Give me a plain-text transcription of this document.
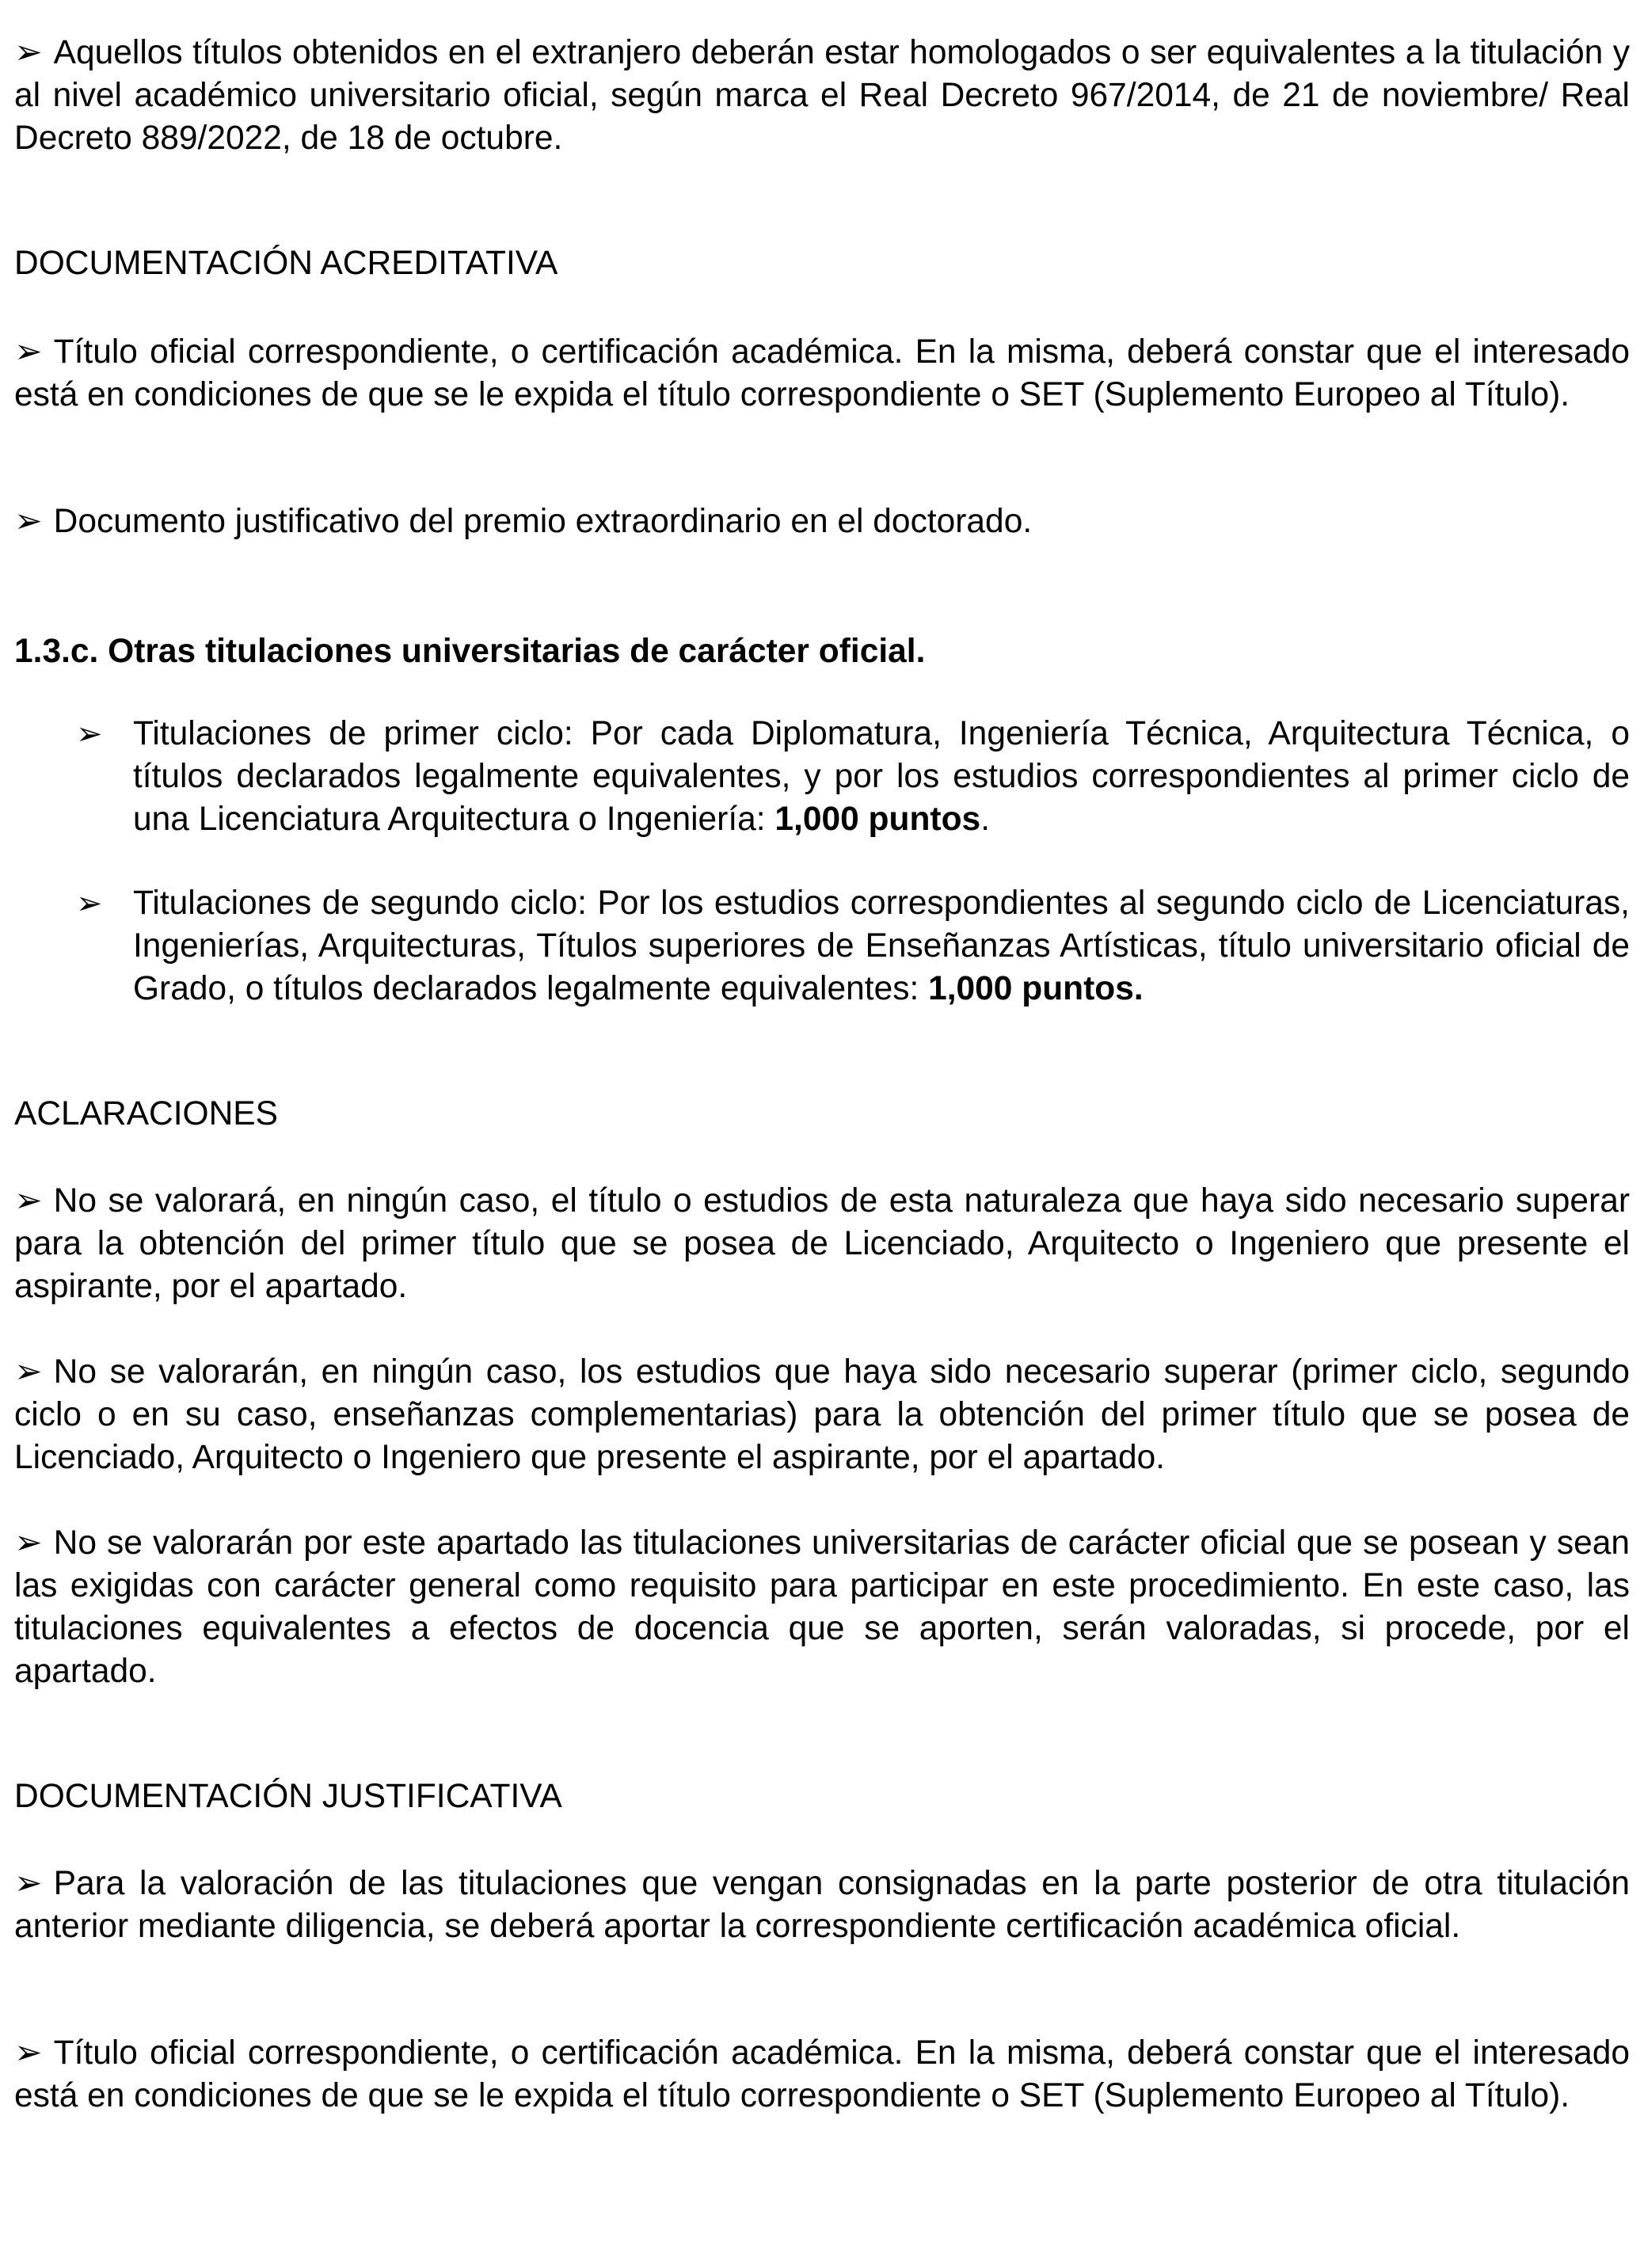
➢ Aquellos títulos obtenidos en el extranjero deberán estar homologados o ser equivalentes a la titulación y al nivel académico universitario oficial, según marca el Real Decreto 967/2014, de 21 de noviembre/ Real Decreto 889/2022, de 18 de octubre.

DOCUMENTACIÓN ACREDITATIVA

➢ Título oficial correspondiente, o certificación académica. En la misma, deberá constar que el interesado está en condiciones de que se le expida el título correspondiente o SET (Suplemento Europeo al Título).

➢ Documento justificativo del premio extraordinario en el doctorado.

1.3.c. Otras titulaciones universitarias de carácter oficial.

➢ Titulaciones de primer ciclo: Por cada Diplomatura, Ingeniería Técnica, Arquitectura Técnica, o títulos declarados legalmente equivalentes, y por los estudios correspondientes al primer ciclo de una Licenciatura Arquitectura o Ingeniería: 1,000 puntos.

➢ Titulaciones de segundo ciclo: Por los estudios correspondientes al segundo ciclo de Licenciaturas, Ingenierías, Arquitecturas, Títulos superiores de Enseñanzas Artísticas, título universitario oficial de Grado, o títulos declarados legalmente equivalentes: 1,000 puntos.

ACLARACIONES

➢ No se valorará, en ningún caso, el título o estudios de esta naturaleza que haya sido necesario superar para la obtención del primer título que se posea de Licenciado, Arquitecto o Ingeniero que presente el aspirante, por el apartado.

➢ No se valorarán, en ningún caso, los estudios que haya sido necesario superar (primer ciclo, segundo ciclo o en su caso, enseñanzas complementarias) para la obtención del primer título que se posea de Licenciado, Arquitecto o Ingeniero que presente el aspirante, por el apartado.

➢ No se valorarán por este apartado las titulaciones universitarias de carácter oficial que se posean y sean las exigidas con carácter general como requisito para participar en este procedimiento. En este caso, las titulaciones equivalentes a efectos de docencia que se aporten, serán valoradas, si procede, por el apartado.

DOCUMENTACIÓN JUSTIFICATIVA

➢ Para la valoración de las titulaciones que vengan consignadas en la parte posterior de otra titulación anterior mediante diligencia, se deberá aportar la correspondiente certificación académica oficial.

➢ Título oficial correspondiente, o certificación académica. En la misma, deberá constar que el interesado está en condiciones de que se le expida el título correspondiente o SET (Suplemento Europeo al Título).
